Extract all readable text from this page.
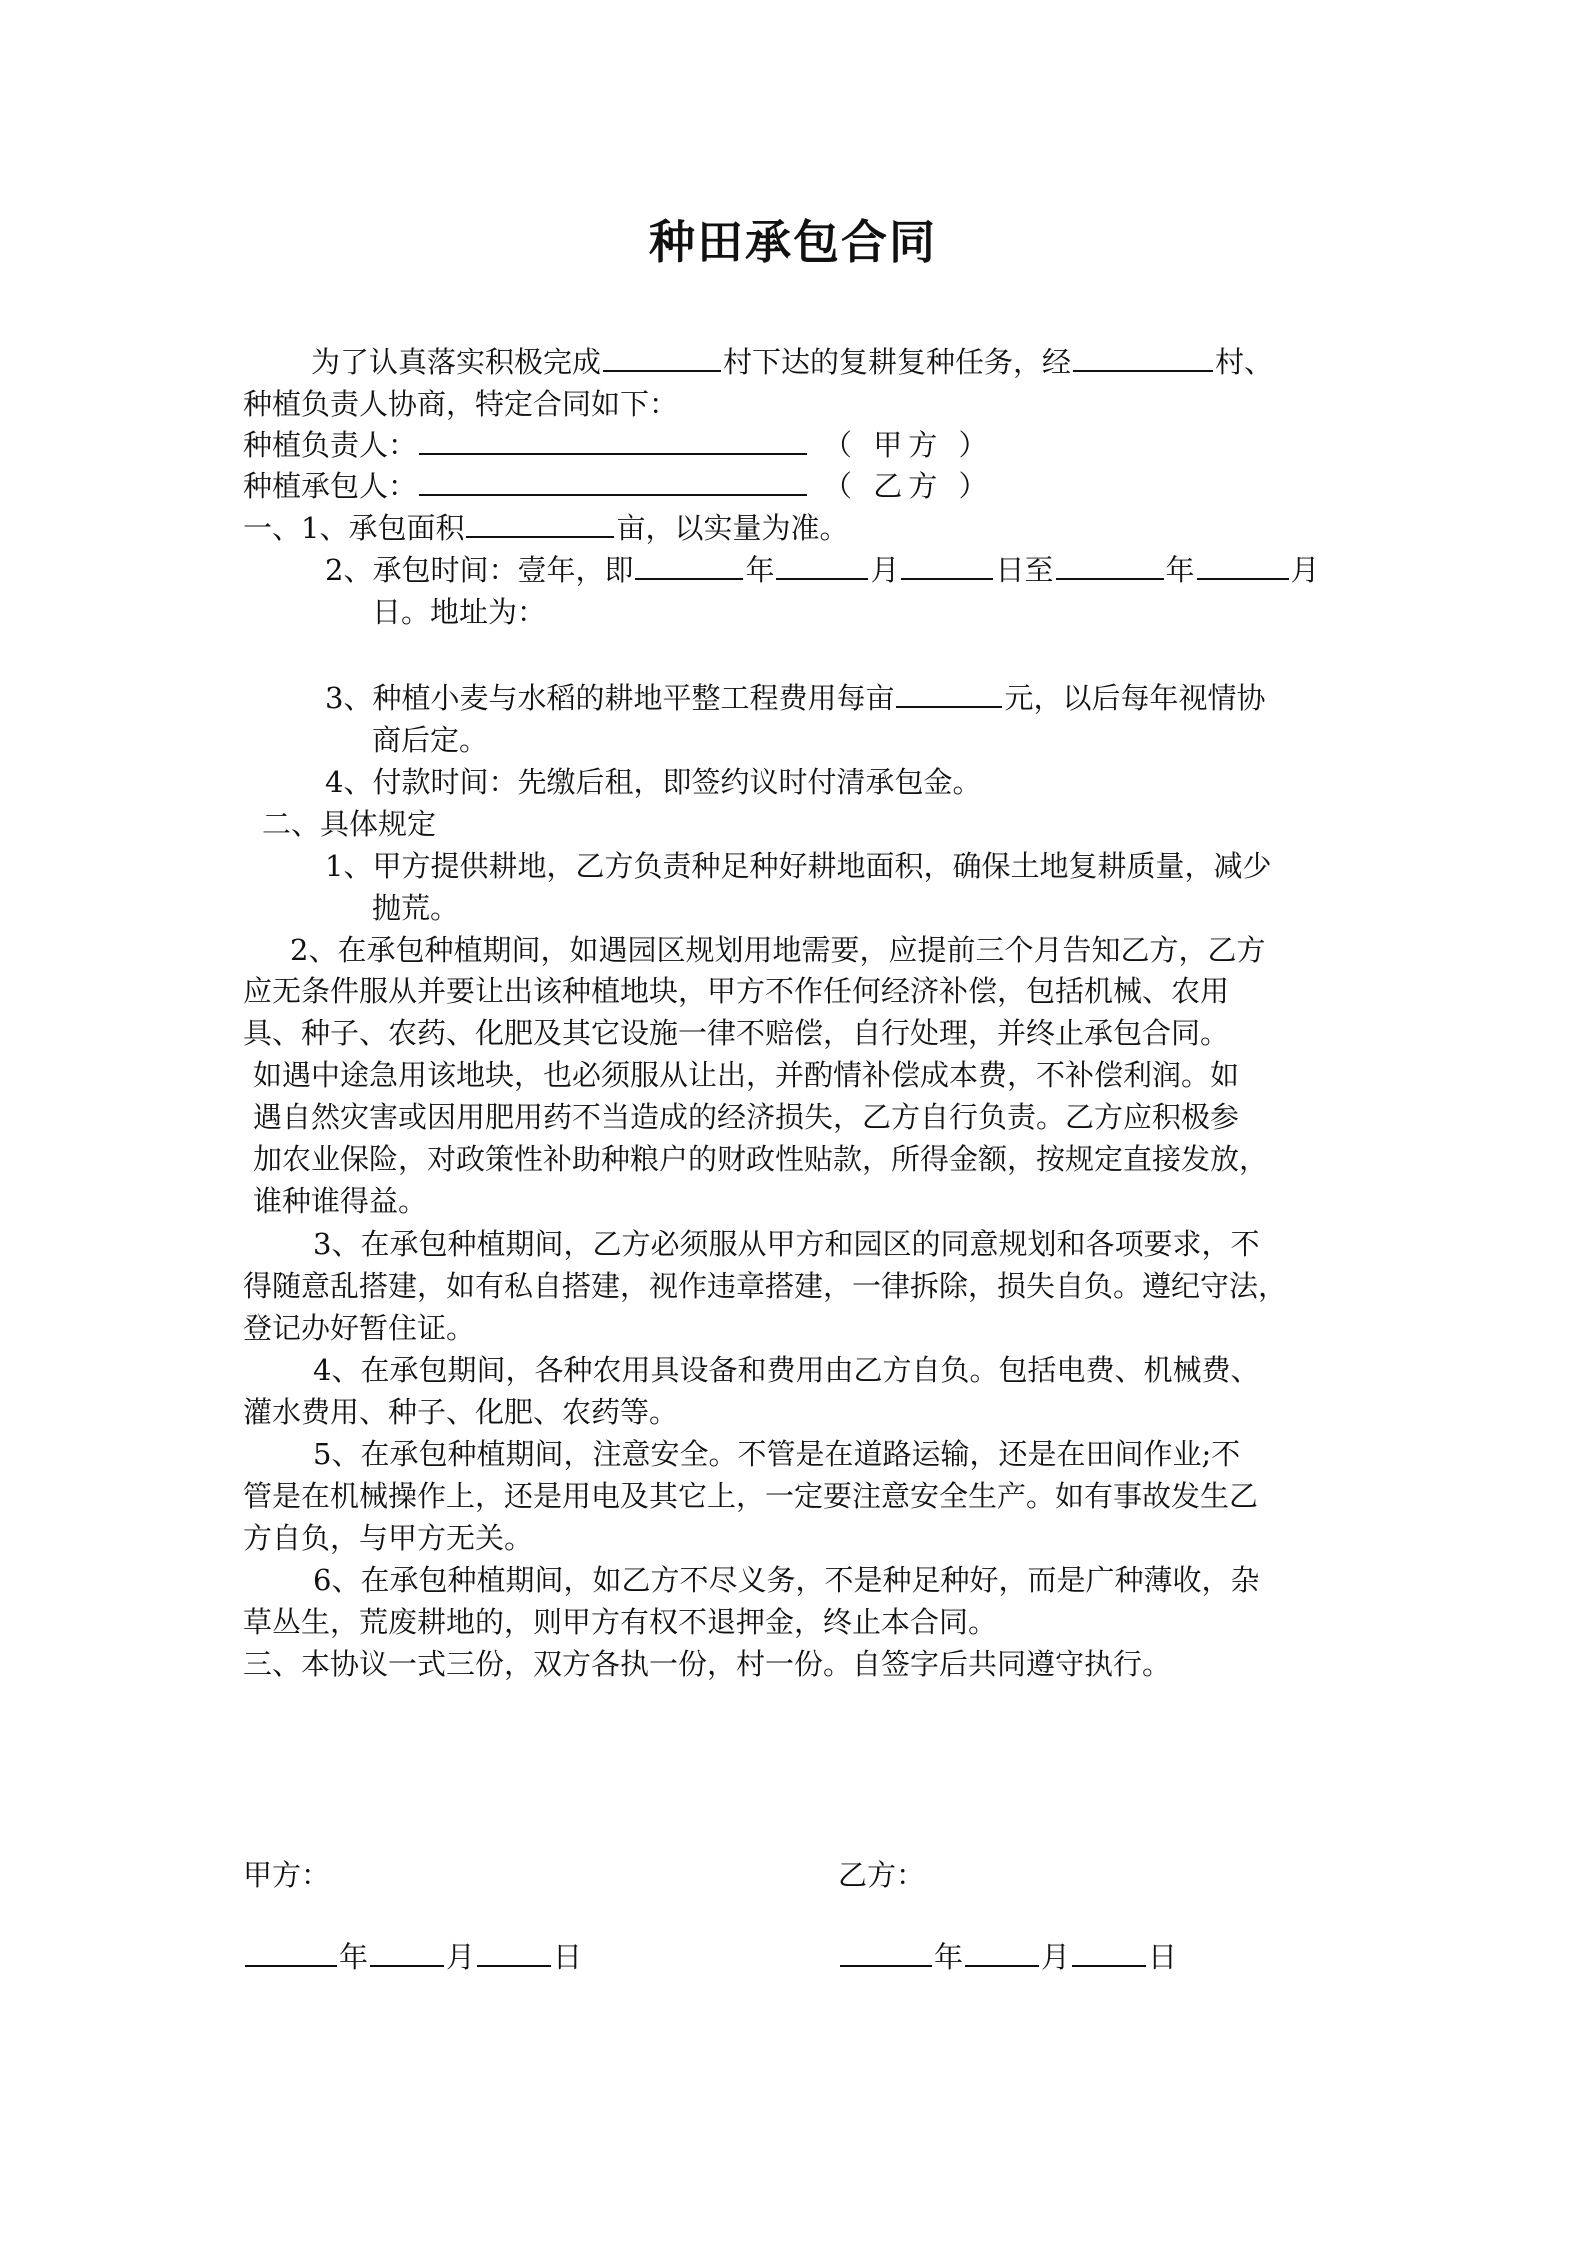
种田承包合同
为了认真落实积极完成	村下达的复耕复种任务，经	村、
种植负责人协商，特定合同如下：
种植负责人：	（ 甲方 ）
种植承包人：	（ 乙方 ）
一、1、承包面积	亩，以实量为准。
2、承包时间：壹年，即	年	月	日至	年	月
日。地址为：
3、种植小麦与水稻的耕地平整工程费用每亩	元，以后每年视情协
商后定。
4、付款时间：先缴后租，即签约议时付清承包金。
二、具体规定
1、甲方提供耕地，乙方负责种足种好耕地面积，确保土地复耕质量，减少
抛荒。
2、在承包种植期间，如遇园区规划用地需要，应提前三个月告知乙方，乙方
应无条件服从并要让出该种植地块，甲方不作任何经济补偿，包括机械、农用
具、种子、农药、化肥及其它设施一律不赔偿，自行处理，并终止承包合同。
如遇中途急用该地块，也必须服从让出，并酌情补偿成本费，不补偿利润。如
遇自然灾害或因用肥用药不当造成的经济损失，乙方自行负责。乙方应积极参
加农业保险，对政策性补助种粮户的财政性贴款，所得金额，按规定直接发放，
谁种谁得益。
3、在承包种植期间，乙方必须服从甲方和园区的同意规划和各项要求，不
得随意乱搭建，如有私自搭建，视作违章搭建，一律拆除，损失自负。遵纪守法，
登记办好暂住证。
4、在承包期间，各种农用具设备和费用由乙方自负。包括电费、机械费、
灌水费用、种子、化肥、农药等。
5、在承包种植期间，注意安全。不管是在道路运输，还是在田间作业;不
管是在机械操作上，还是用电及其它上，一定要注意安全生产。如有事故发生乙
方自负，与甲方无关。
6、在承包种植期间，如乙方不尽义务，不是种足种好，而是广种薄收，杂
草丛生，荒废耕地的，则甲方有权不退押金，终止本合同。
三、本协议一式三份，双方各执一份，村一份。自签字后共同遵守执行。
甲方：	乙方：
年	月	日	年	月	日
